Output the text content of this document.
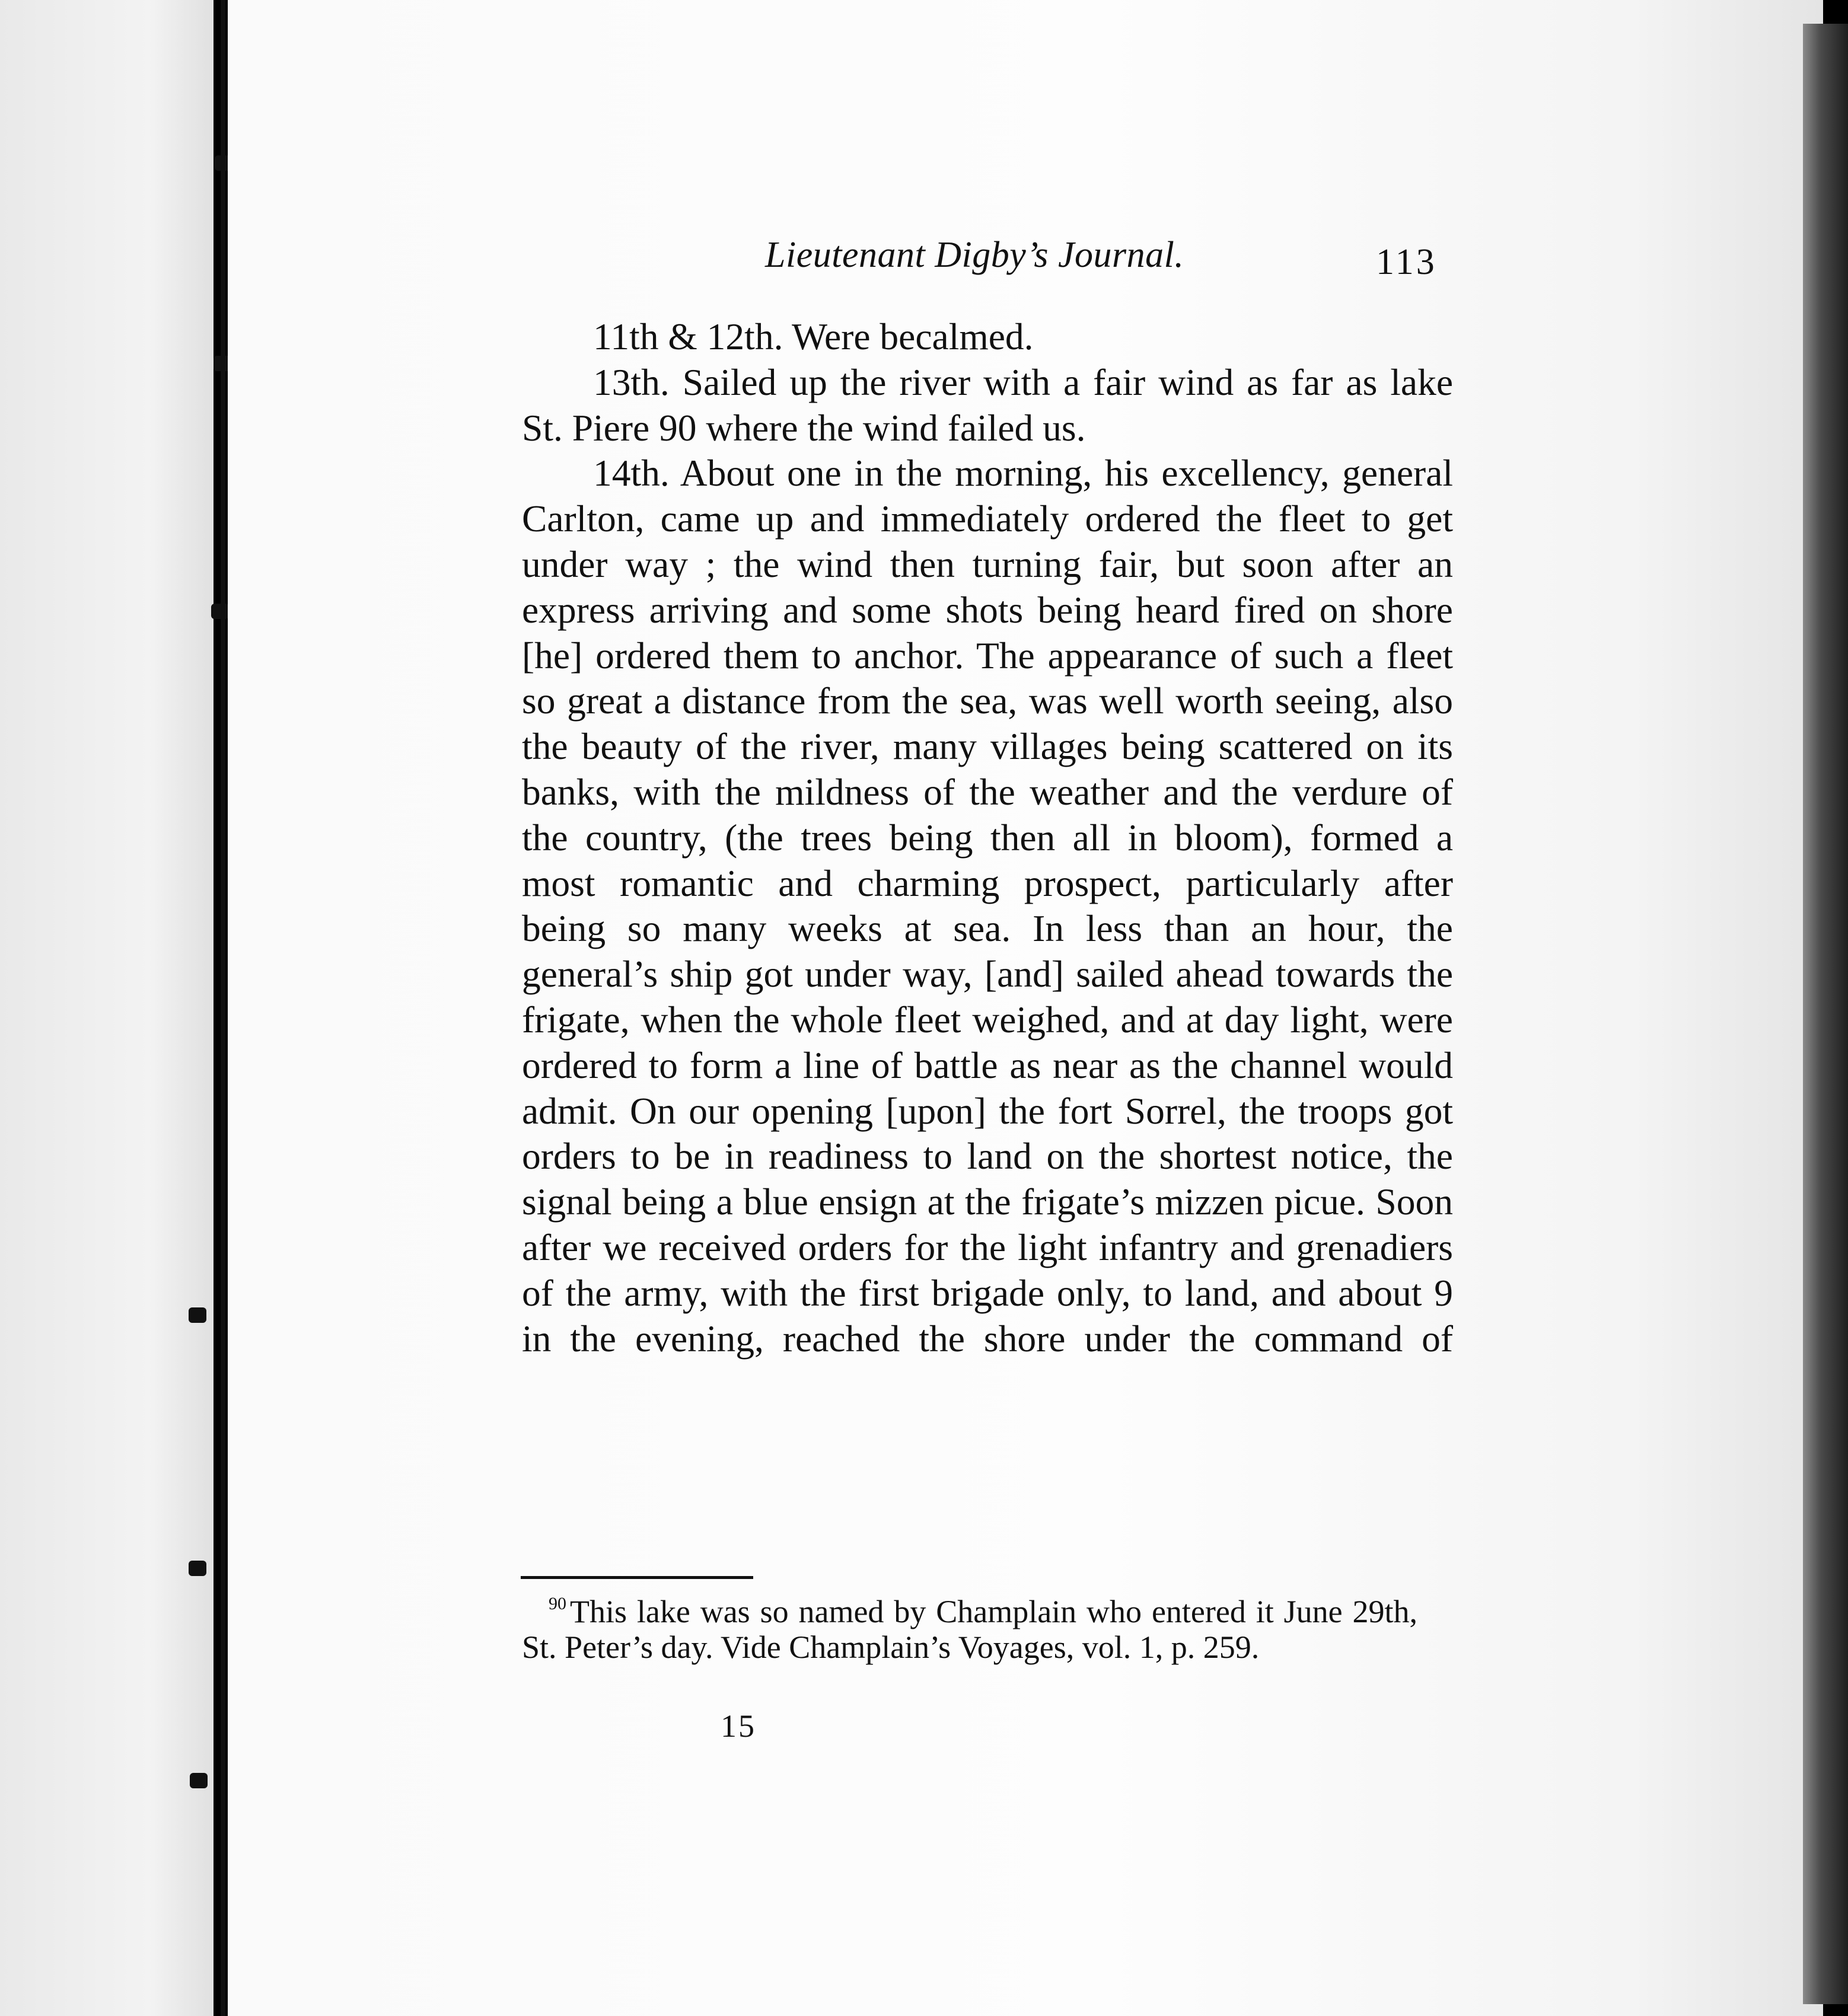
Lieutenant Digby’s Journal.	113

11th & 12th. Were becalmed.

13th. Sailed up the river with a fair wind as far as lake St. Piere 90 where the wind failed us.

14th. About one in the morning, his excellency, general Carlton, came up and immediately ordered the fleet to get under way ; the wind then turning fair, but soon after an express arriving and some shots being heard fired on shore [he] ordered them to anchor. The appearance of such a fleet so great a distance from the sea, was well worth seeing, also the beauty of the river, many villages being scattered on its banks, with the mildness of the weather and the verdure of the country, (the trees being then all in bloom), formed a most romantic and charming prospect, particularly after being so many weeks at sea. In less than an hour, the general’s ship got under way, [and] sailed ahead towards the frigate, when the whole fleet weighed, and at day light, were ordered to form a line of battle as near as the channel would admit. On our opening [upon] the fort Sorrel, the troops got orders to be in readiness to land on the shortest notice, the signal being a blue ensign at the frigate’s mizzen picue. Soon after we received orders for the light infantry and grenadiers of the army, with the first brigade only, to land, and about 9 in the evening, reached the shore under the command of

$^{90}$ This lake was so named by Champlain who entered it June 29th, St. Peter’s day. Vide Champlain’s Voyages, vol. 1, p. 259.
15
